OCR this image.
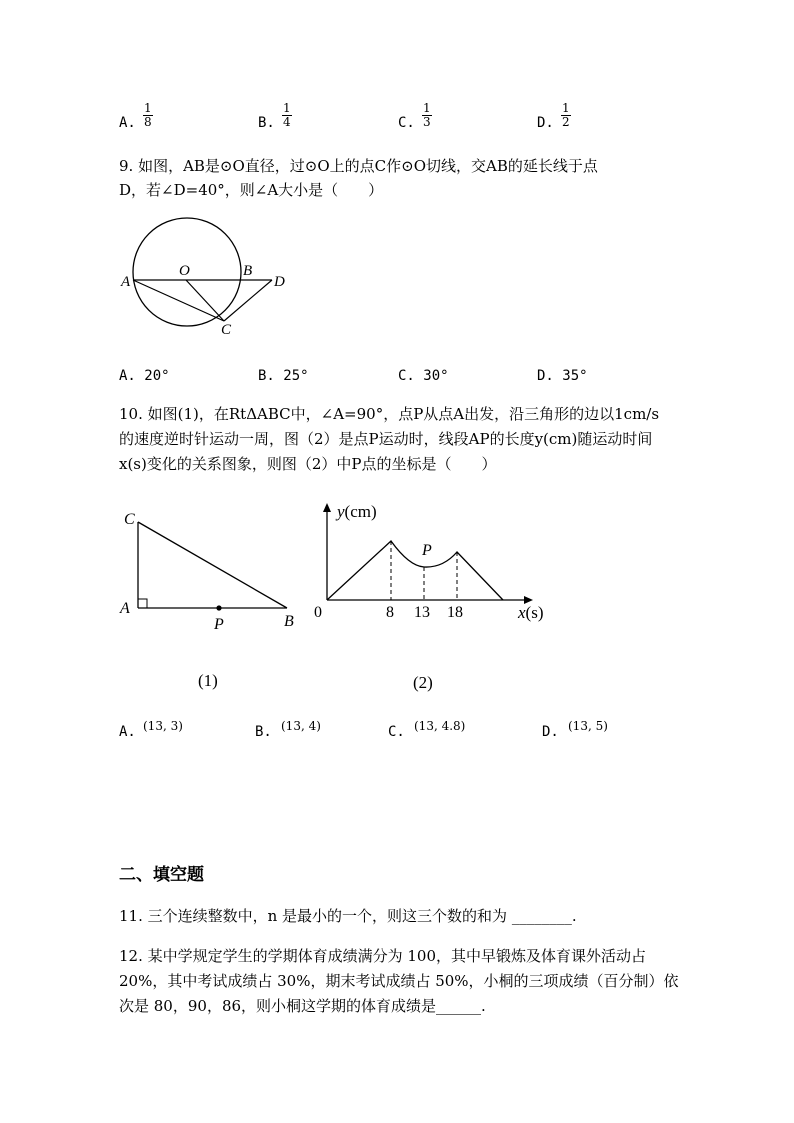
A.
1
8	B.
1
4	C.
1
3	D.
1
2
9. 如图，AB是⊙O直径，过⊙O上的点C作⊙O切线，交AB的延长线于点
D，若∠D=40°，则∠A大小是（　　）
A
O	B
D
C
A. 20°	B. 25°	C. 30°	D. 35°
10. 如图(1)，在RtΔABC中，∠A=90°，点P从点A出发，沿三角形的边以1cm/s
的速度逆时针运动一周，图（2）是点P运动时，线段AP的长度y(cm)随运动时间
x(s)变化的关系图象，则图（2）中P点的坐标是（　　）
C
A
P	B
(1)
y(cm)
x(s)
0	8 13 18
P
(2)
A. (13, 3)	B. (13, 4)	C. (13, 4.8)	D. (13, 5)
二、填空题
11. 三个连续整数中，n 是最小的一个，则这三个数的和为 ________.
12. 某中学规定学生的学期体育成绩满分为 100，其中早锻炼及体育课外活动占
20%，其中考试成绩占 30%，期末考试成绩占 50%，小桐的三项成绩（百分制）依
次是 80，90，86，则小桐这学期的体育成绩是______.
